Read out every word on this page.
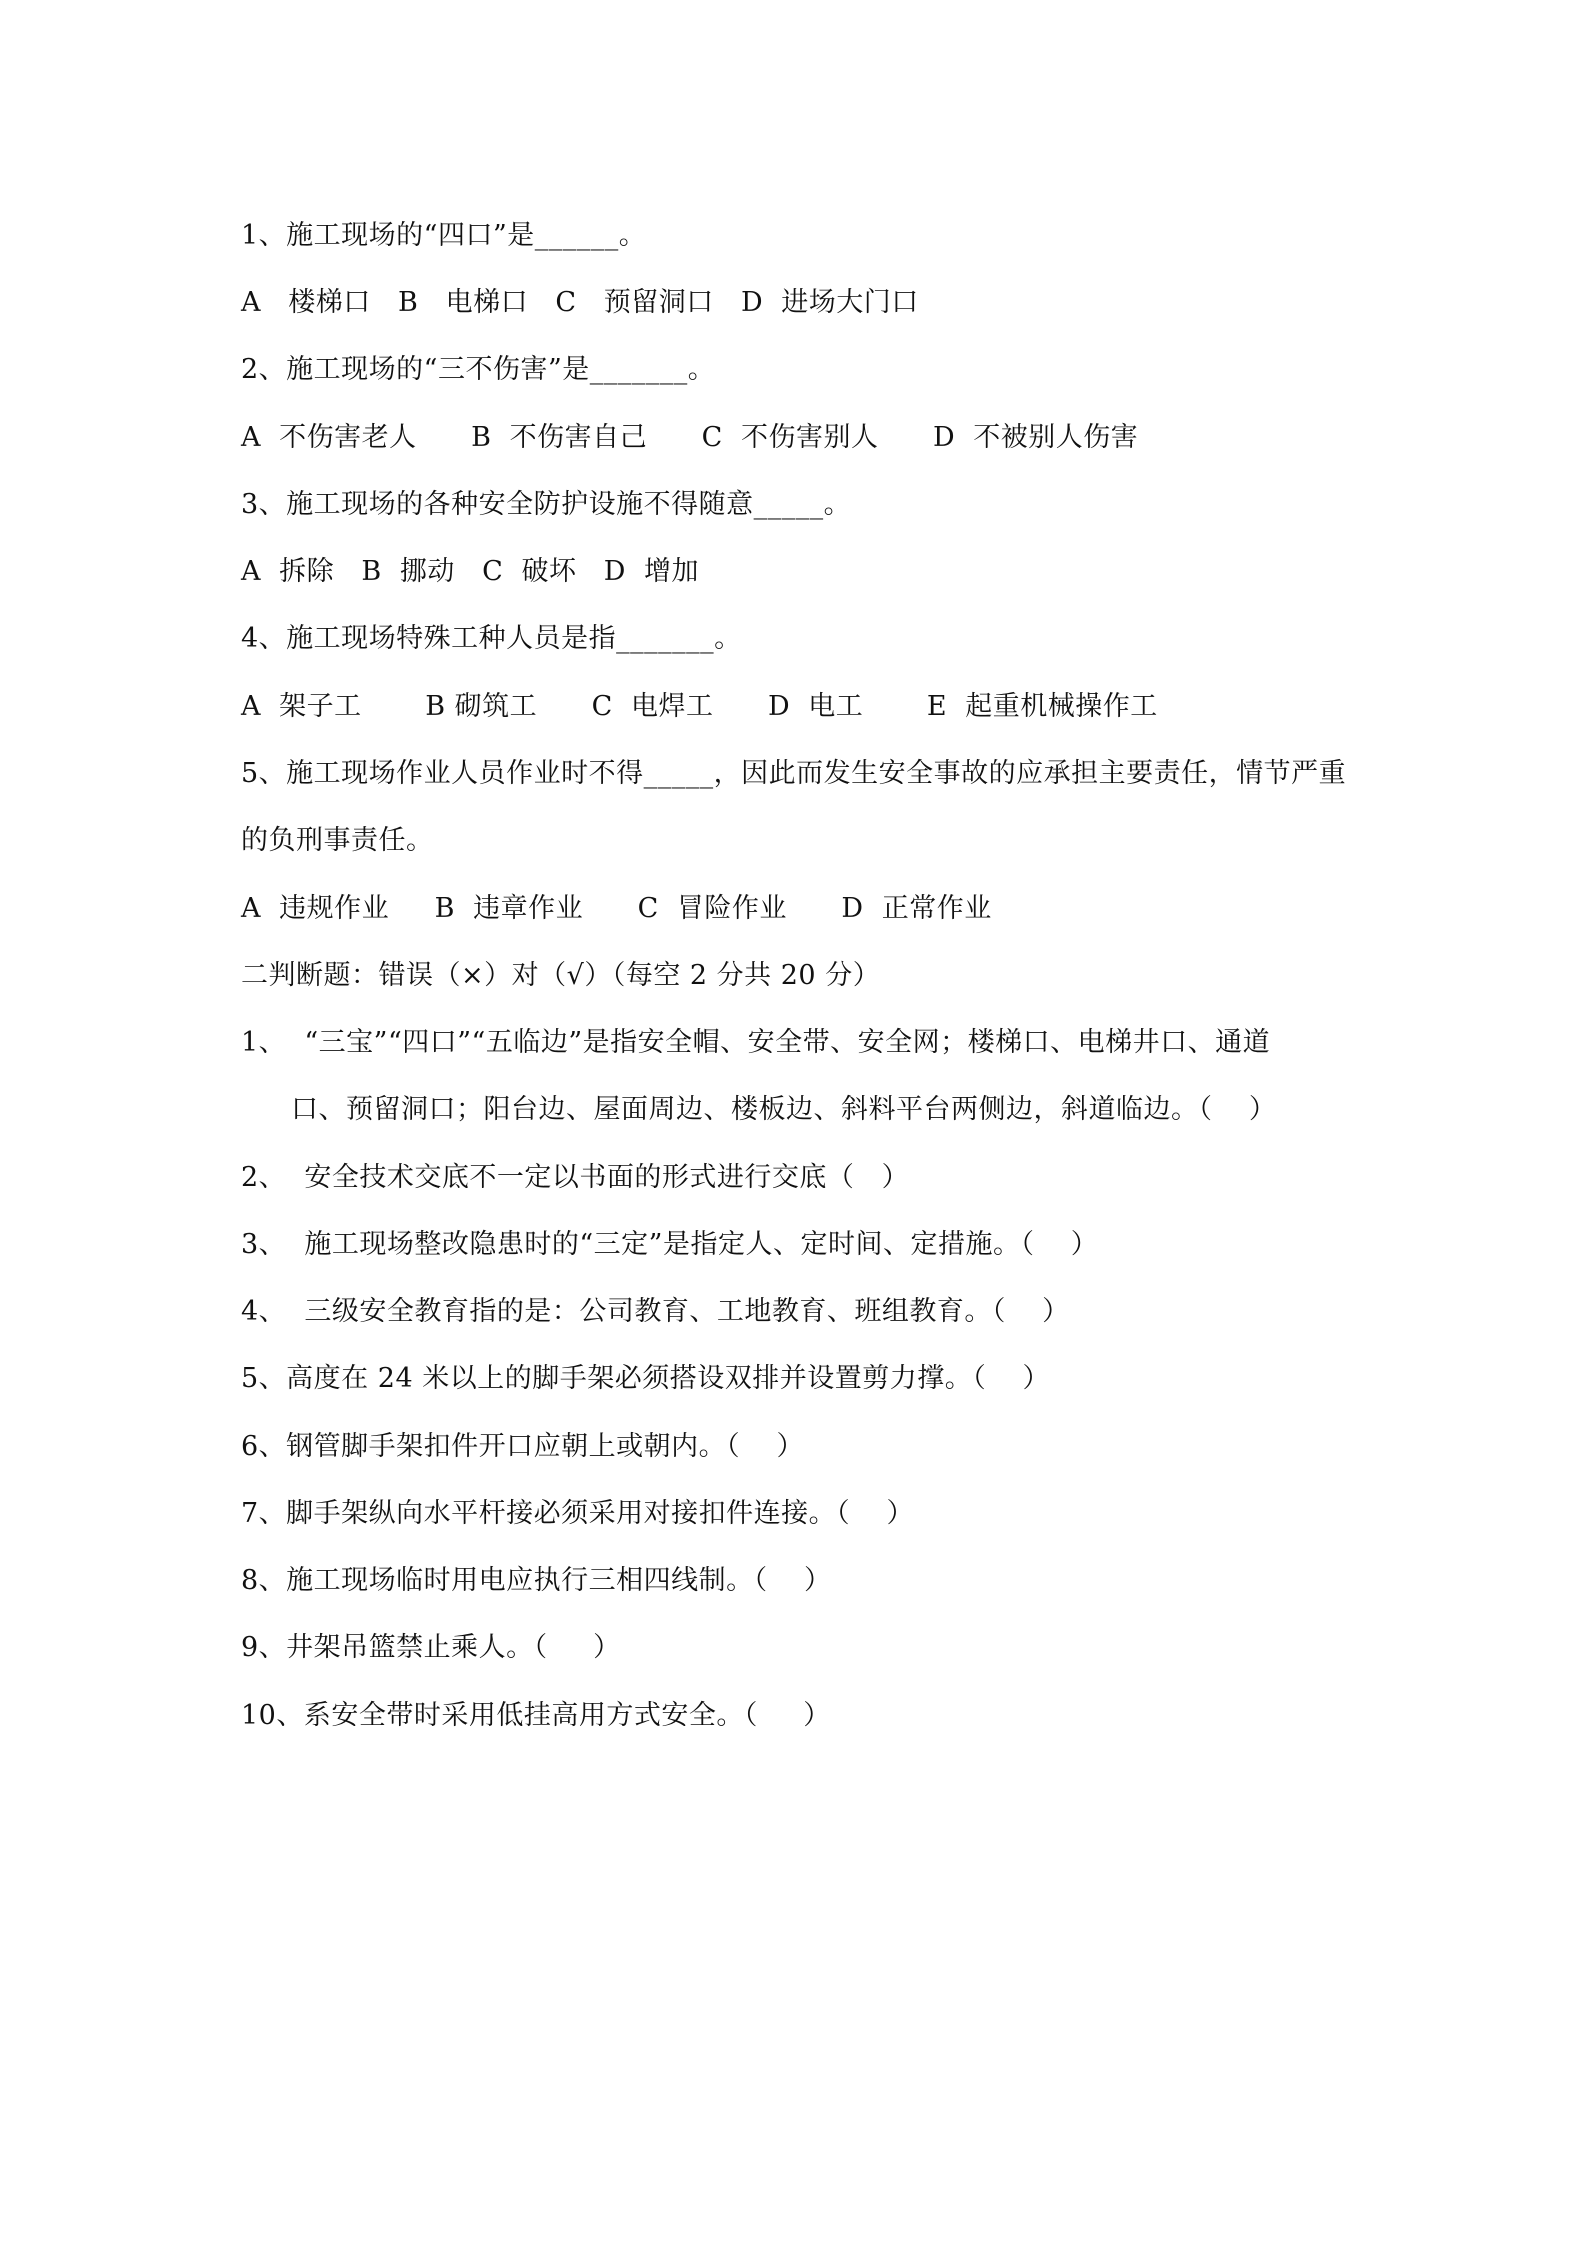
1、施工现场的“四口”是______。
A   楼梯口   B   电梯口   C   预留洞口   D  进场大门口
2、施工现场的“三不伤害”是_______。
A  不伤害老人      B  不伤害自己      C  不伤害别人      D  不被别人伤害
3、施工现场的各种安全防护设施不得随意_____。
A  拆除   B  挪动   C  破坏   D  增加
4、施工现场特殊工种人员是指_______。
A  架子工       B 砌筑工      C  电焊工      D  电工       E  起重机械操作工
5、施工现场作业人员作业时不得_____，因此而发生安全事故的应承担主要责任，情节严重
的负刑事责任。
A  违规作业     B  违章作业      C  冒险作业      D  正常作业
二判断题：错误（×）对（√）（每空 2 分共 20 分）
1、  “三宝”“四口”“五临边”是指安全帽、安全带、安全网；楼梯口、电梯井口、通道
口、预留洞口；阳台边、屋面周边、楼板边、斜料平台两侧边，斜道临边。（    ）
2、  安全技术交底不一定以书面的形式进行交底（   ）
3、  施工现场整改隐患时的“三定”是指定人、定时间、定措施。（    ）
4、  三级安全教育指的是：公司教育、工地教育、班组教育。（    ）
5、高度在 24 米以上的脚手架必须搭设双排并设置剪力撑。（    ）
6、钢管脚手架扣件开口应朝上或朝内。（    ）
7、脚手架纵向水平杆接必须采用对接扣件连接。（    ）
8、施工现场临时用电应执行三相四线制。（    ）
9、井架吊篮禁止乘人。（     ）
10、系安全带时采用低挂高用方式安全。（     ）
